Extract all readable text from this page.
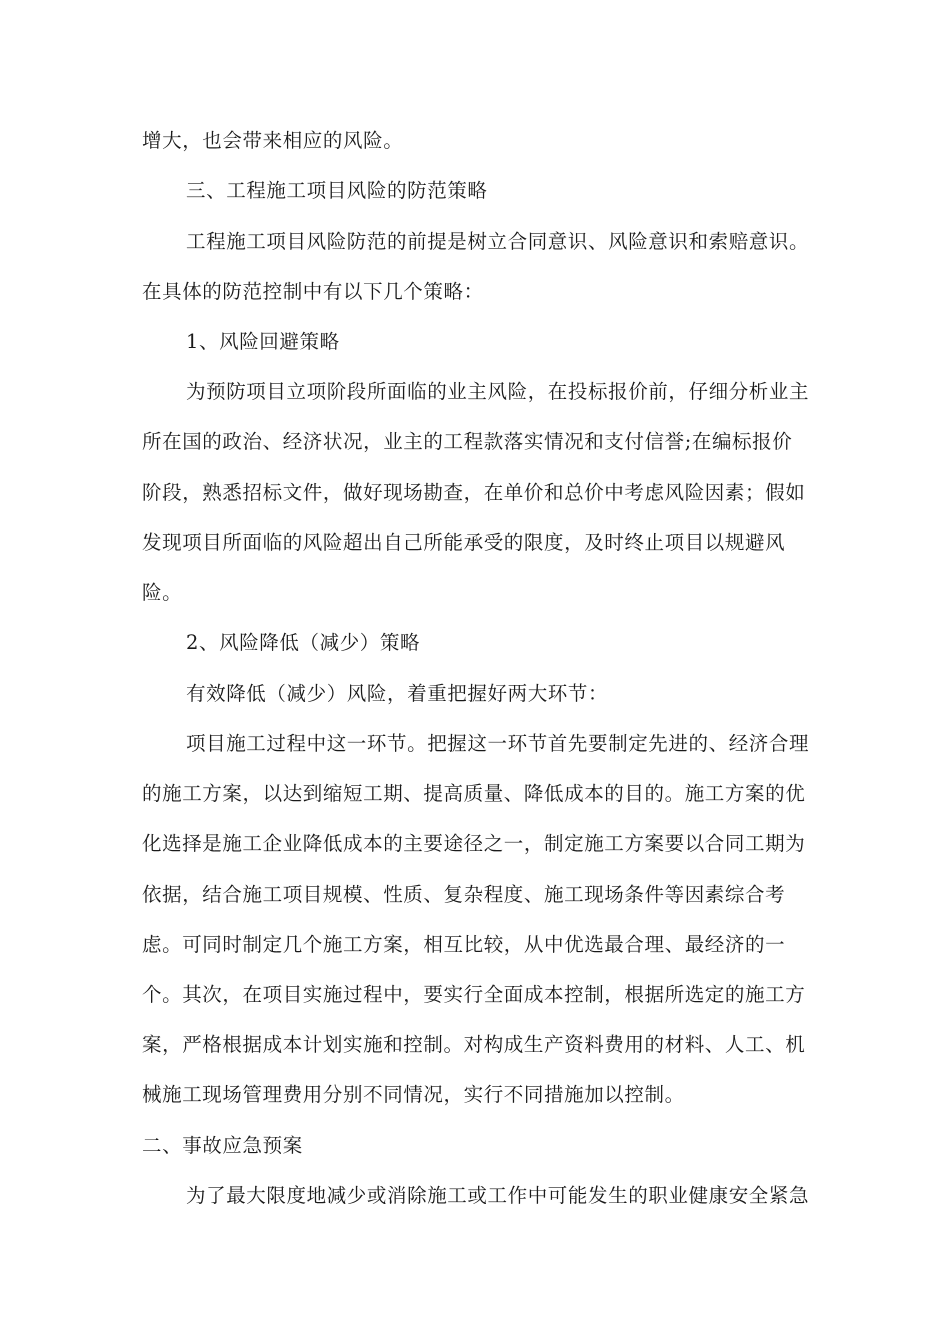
增大，也会带来相应的风险。
三、工程施工项目风险的防范策略
工程施工项目风险防范的前提是树立合同意识、风险意识和索赔意识。
在具体的防范控制中有以下几个策略：
1、风险回避策略
为预防项目立项阶段所面临的业主风险，在投标报价前，仔细分析业主
所在国的政治、经济状况，业主的工程款落实情况和支付信誉;在编标报价
阶段，熟悉招标文件，做好现场勘查，在单价和总价中考虑风险因素；假如
发现项目所面临的风险超出自己所能承受的限度，及时终止项目以规避风
险。
2、风险降低（减少）策略
有效降低（减少）风险，着重把握好两大环节：
项目施工过程中这一环节。把握这一环节首先要制定先进的、经济合理
的施工方案，以达到缩短工期、提高质量、降低成本的目的。施工方案的优
化选择是施工企业降低成本的主要途径之一，制定施工方案要以合同工期为
依据，结合施工项目规模、性质、复杂程度、施工现场条件等因素综合考
虑。可同时制定几个施工方案，相互比较，从中优选最合理、最经济的一
个。其次，在项目实施过程中，要实行全面成本控制，根据所选定的施工方
案，严格根据成本计划实施和控制。对构成生产资料费用的材料、人工、机
械施工现场管理费用分别不同情况，实行不同措施加以控制。
二、事故应急预案
为了最大限度地减少或消除施工或工作中可能发生的职业健康安全紧急
